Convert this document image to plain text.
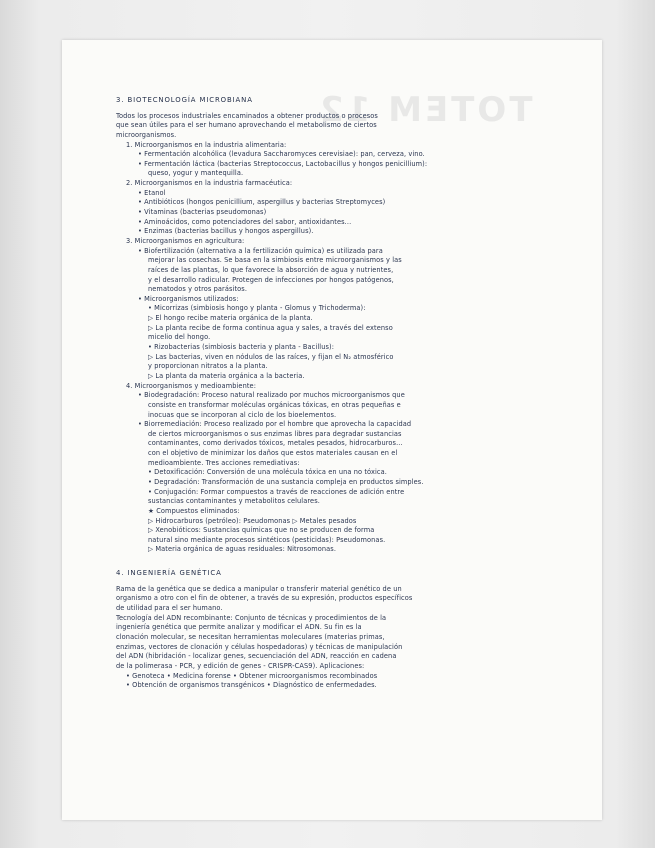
TOTEM 12
3. BIOTECNOLOGÍA MICROBIANA
Todos los procesos industriales encaminados a obtener productos o procesos
que sean útiles para el ser humano aprovechando el metabolismo de ciertos
microorganismos.
1. Microorganismos en la industria alimentaria:
• Fermentación alcohólica (levadura Saccharomyces cerevisiae): pan, cerveza, vino.
• Fermentación láctica (bacterias Streptococcus, Lactobacillus y hongos penicillium):
queso, yogur y mantequilla.
2. Microorganismos en la industria farmacéutica:
• Etanol
• Antibióticos (hongos penicillium, aspergillus y bacterias Streptomyces)
• Vitaminas (bacterias pseudomonas)
• Aminoácidos, como potenciadores del sabor, antioxidantes...
• Enzimas (bacterias bacillus y hongos aspergillus).
3. Microorganismos en agricultura:
• Biofertilización (alternativa a la fertilización química) es utilizada para
mejorar las cosechas. Se basa en la simbiosis entre microorganismos y las
raíces de las plantas, lo que favorece la absorción de agua y nutrientes,
y el desarrollo radicular. Protegen de infecciones por hongos patógenos,
nematodos y otros parásitos.
• Microorganismos utilizados:
• Micorrizas (simbiosis hongo y planta - Glomus y Trichoderma):
▷ El hongo recibe materia orgánica de la planta.
▷ La planta recibe de forma continua agua y sales, a través del extenso
micelio del hongo.
• Rizobacterias (simbiosis bacteria y planta - Bacillus):
▷ Las bacterias, viven en nódulos de las raíces, y fijan el N₂ atmosférico
y proporcionan nitratos a la planta.
▷ La planta da materia orgánica a la bacteria.
4. Microorganismos y medioambiente:
• Biodegradación: Proceso natural realizado por muchos microorganismos que
consiste en transformar moléculas orgánicas tóxicas, en otras pequeñas e
inocuas que se incorporan al ciclo de los bioelementos.
• Biorremediación: Proceso realizado por el hombre que aprovecha la capacidad
de ciertos microorganismos o sus enzimas libres para degradar sustancias
contaminantes, como derivados tóxicos, metales pesados, hidrocarburos...
con el objetivo de minimizar los daños que estos materiales causan en el
medioambiente. Tres acciones remediativas:
• Detoxificación: Conversión de una molécula tóxica en una no tóxica.
• Degradación: Transformación de una sustancia compleja en productos simples.
• Conjugación: Formar compuestos a través de reacciones de adición entre
sustancias contaminantes y metabolitos celulares.
★ Compuestos eliminados:
▷ Hidrocarburos (petróleo): Pseudomonas ▷ Metales pesados
▷ Xenobióticos: Sustancias químicas que no se producen de forma
natural sino mediante procesos sintéticos (pesticidas): Pseudomonas.
▷ Materia orgánica de aguas residuales: Nitrosomonas.
4. INGENIERÍA GENÉTICA
Rama de la genética que se dedica a manipular o transferir material genético de un
organismo a otro con el fin de obtener, a través de su expresión, productos específicos
de utilidad para el ser humano.
Tecnología del ADN recombinante: Conjunto de técnicas y procedimientos de la
ingeniería genética que permite analizar y modificar el ADN. Su fin es la
clonación molecular, se necesitan herramientas moleculares (materias primas,
enzimas, vectores de clonación y células hospedadoras) y técnicas de manipulación
del ADN (hibridación - localizar genes, secuenciación del ADN, reacción en cadena
de la polimerasa - PCR, y edición de genes - CRISPR-CAS9). Aplicaciones:
• Genoteca • Medicina forense • Obtener microorganismos recombinados
• Obtención de organismos transgénicos • Diagnóstico de enfermedades.
